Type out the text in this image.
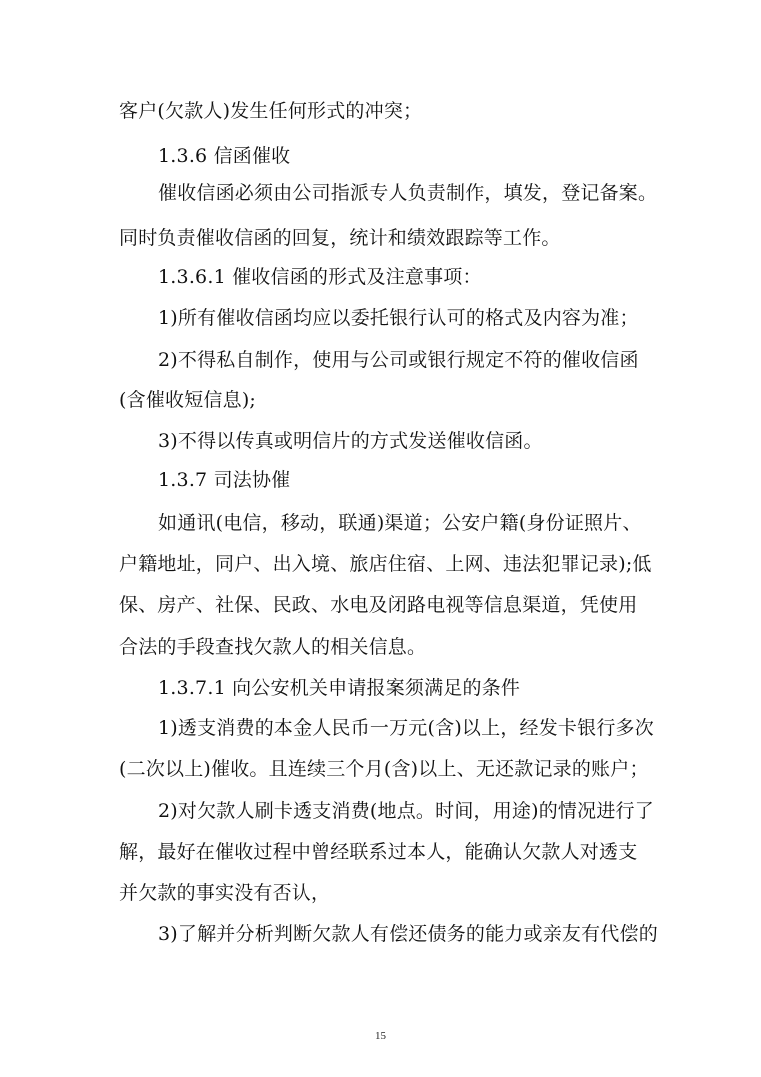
客户(欠款人)发生任何形式的冲突；
1.3.6 信函催收
催收信函必须由公司指派专人负责制作，填发，登记备案。
同时负责催收信函的回复，统计和绩效跟踪等工作。
1.3.6.1 催收信函的形式及注意事项：
1)所有催收信函均应以委托银行认可的格式及内容为准；
2)不得私自制作，使用与公司或银行规定不符的催收信函
(含催收短信息);
3)不得以传真或明信片的方式发送催收信函。
1.3.7 司法协催
如通讯(电信，移动，联通)渠道；公安户籍(身份证照片、
户籍地址，同户、出入境、旅店住宿、上网、违法犯罪记录);低
保、房产、社保、民政、水电及闭路电视等信息渠道，凭使用
合法的手段查找欠款人的相关信息。
1.3.7.1 向公安机关申请报案须满足的条件
1)透支消费的本金人民币一万元(含)以上，经发卡银行多次
(二次以上)催收。且连续三个月(含)以上、无还款记录的账户；
2)对欠款人刷卡透支消费(地点。时间，用途)的情况进行了
解，最好在催收过程中曾经联系过本人，能确认欠款人对透支
并欠款的事实没有否认，
3)了解并分析判断欠款人有偿还债务的能力或亲友有代偿的
15
